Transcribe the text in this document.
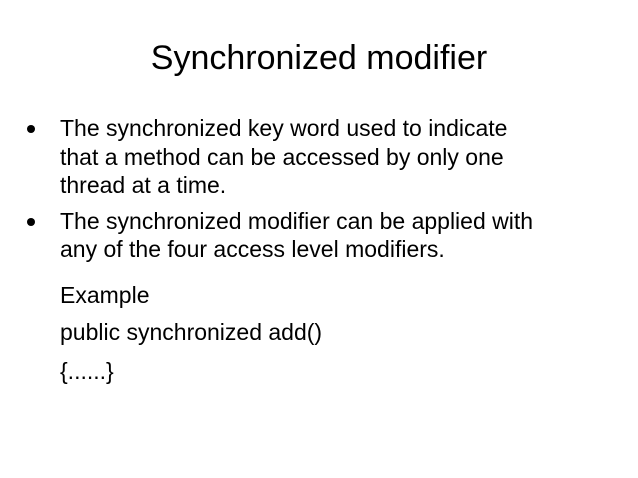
Synchronized modifier
The synchronized key word used to indicate
that a method can be accessed by only one
thread at a time.
The synchronized modifier can be applied with
any of the four access level modifiers.
Example
public synchronized add()
{......}
